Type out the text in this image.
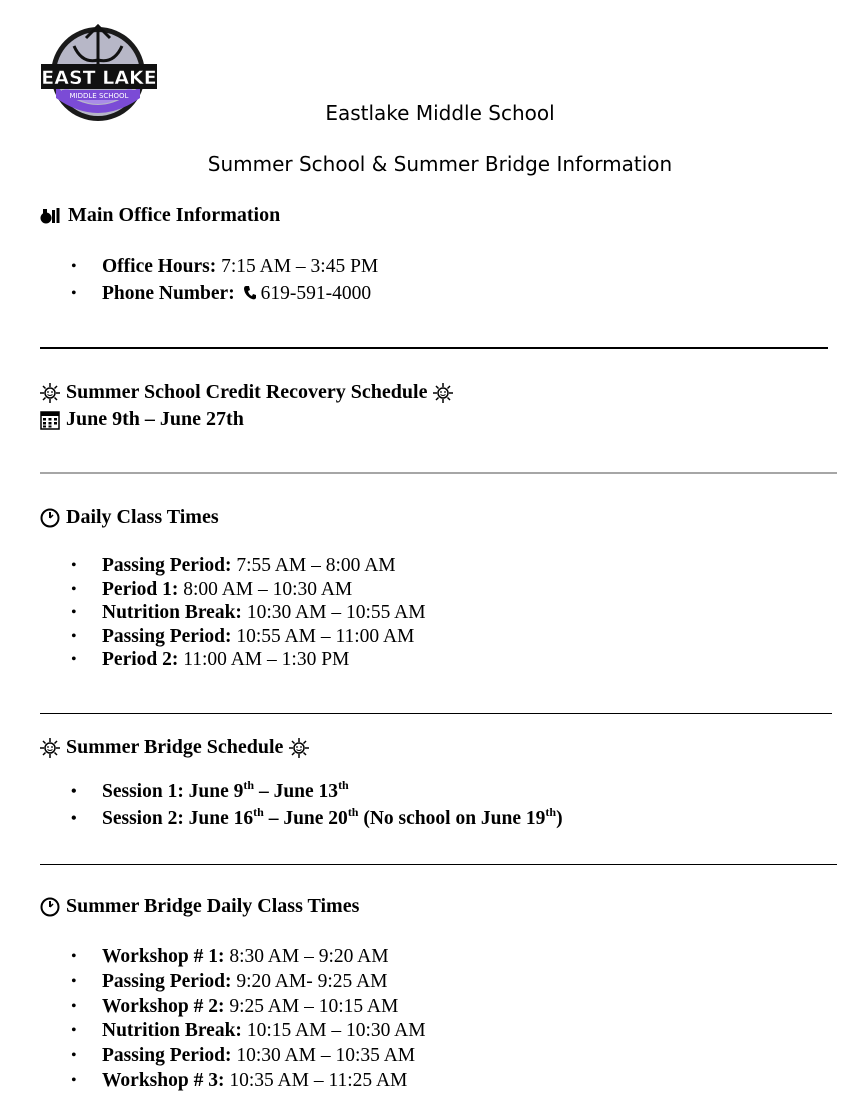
EAST LAKE
MIDDLE SCHOOL
Eastlake Middle School
Summer School & Summer Bridge Information
Main Office Information
• Office Hours: 7:15 AM – 3:45 PM
• Phone Number: 619-591-4000
Summer School Credit Recovery Schedule
June 9th – June 27th
Daily Class Times
• Passing Period: 7:55 AM – 8:00 AM
• Period 1: 8:00 AM – 10:30 AM
• Nutrition Break: 10:30 AM – 10:55 AM
• Passing Period: 10:55 AM – 11:00 AM
• Period 2: 11:00 AM – 1:30 PM
Summer Bridge Schedule
• Session 1: June 9th – June 13th
• Session 2: June 16th – June 20th (No school on June 19th)
Summer Bridge Daily Class Times
• Workshop # 1: 8:30 AM – 9:20 AM
• Passing Period: 9:20 AM- 9:25 AM
• Workshop # 2: 9:25 AM – 10:15 AM
• Nutrition Break: 10:15 AM – 10:30 AM
• Passing Period: 10:30 AM – 10:35 AM
• Workshop # 3: 10:35 AM – 11:25 AM
